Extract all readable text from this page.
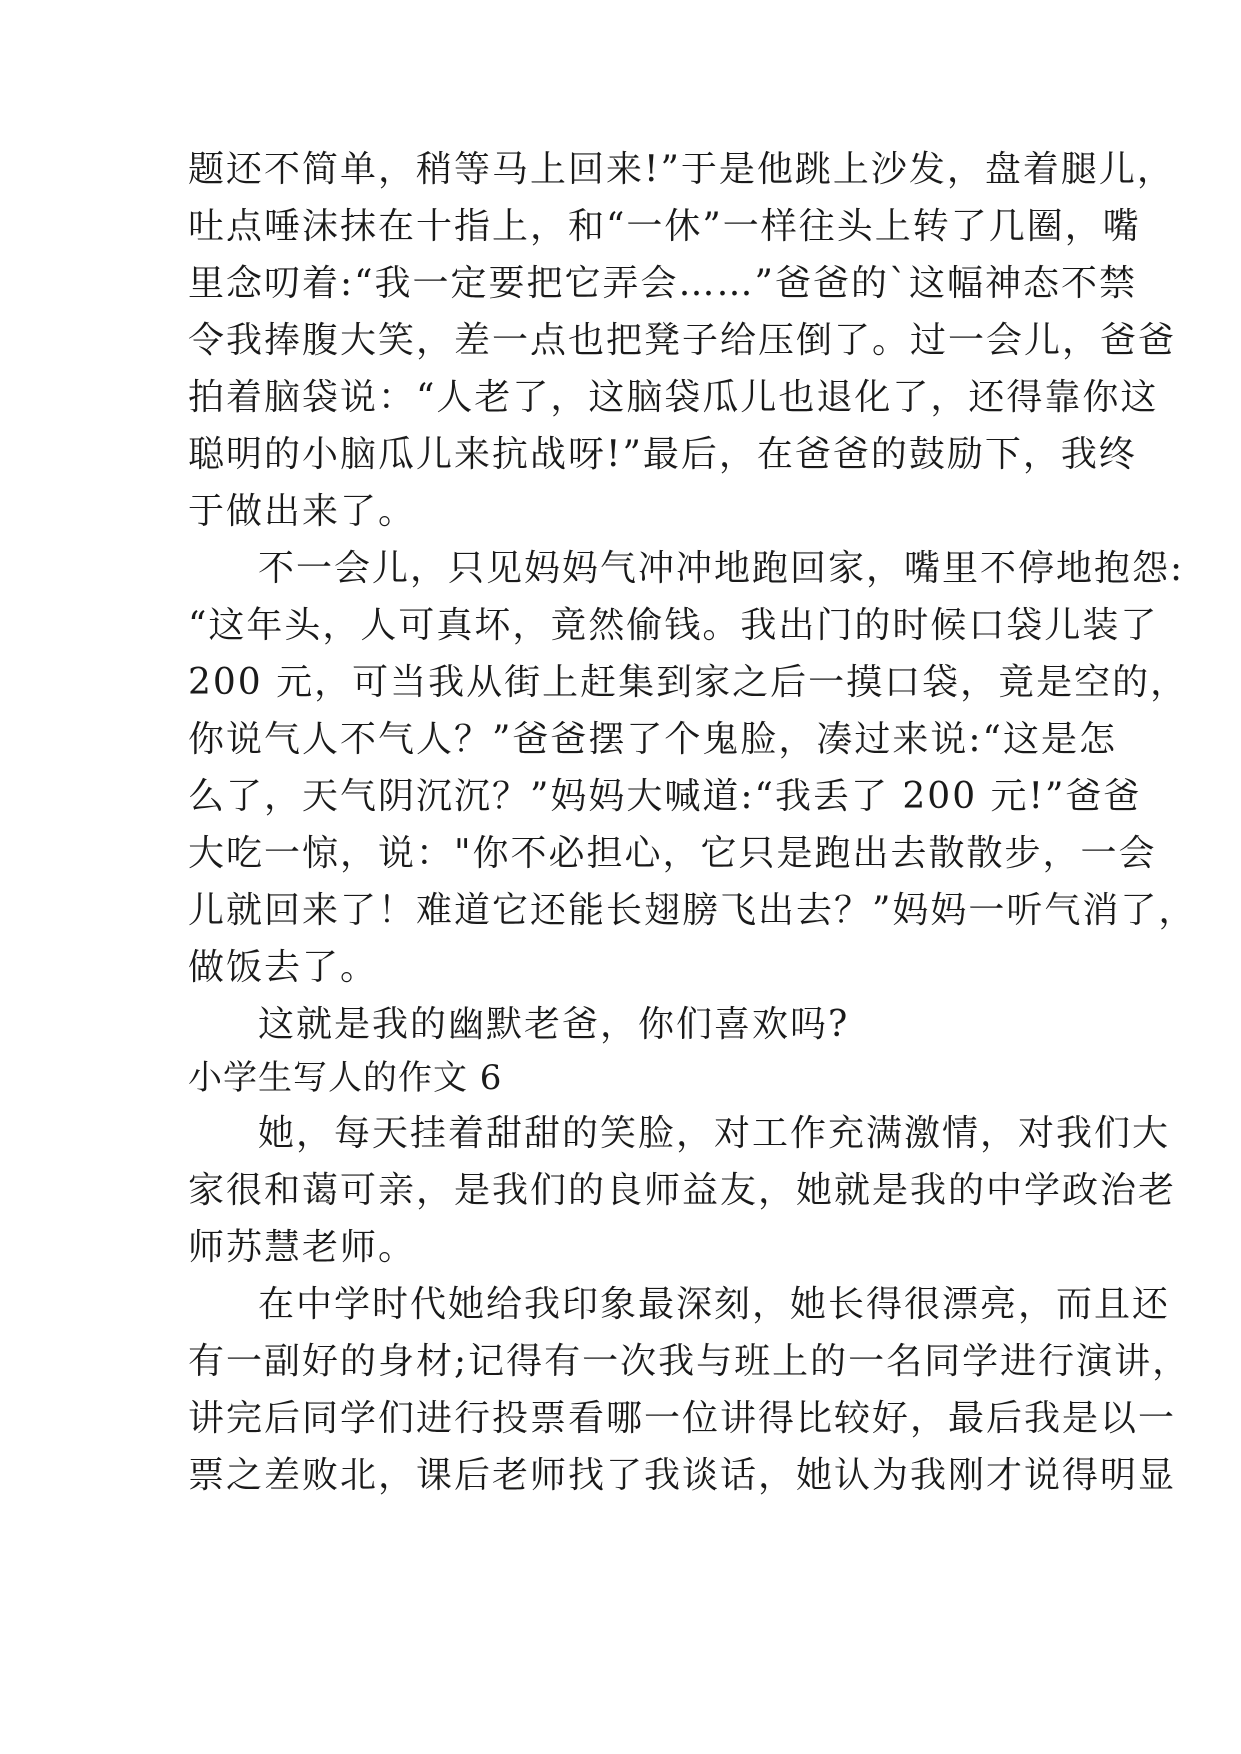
题还不简单，稍等马上回来!”于是他跳上沙发，盘着腿儿，

吐点唾沫抹在十指上，和“一休”一样往头上转了几圈，嘴

里念叨着:“我一定要把它弄会……”爸爸的`这幅神态不禁

令我捧腹大笑，差一点也把凳子给压倒了。过一会儿，爸爸

拍着脑袋说：“人老了，这脑袋瓜儿也退化了，还得靠你这

聪明的小脑瓜儿来抗战呀!”最后，在爸爸的鼓励下，我终

于做出来了。

不一会儿，只见妈妈气冲冲地跑回家，嘴里不停地抱怨:

“这年头，人可真坏，竟然偷钱。我出门的时候口袋儿装了

200 元，可当我从街上赶集到家之后一摸口袋，竟是空的，

你说气人不气人？”爸爸摆了个鬼脸，凑过来说:“这是怎

么了，天气阴沉沉？”妈妈大喊道:“我丢了 200 元!”爸爸

大吃一惊，说："你不必担心，它只是跑出去散散步，一会

儿就回来了！难道它还能长翅膀飞出去？”妈妈一听气消了，

做饭去了。

这就是我的幽默老爸，你们喜欢吗?

小学生写人的作文 6

她，每天挂着甜甜的笑脸，对工作充满激情，对我们大

家很和蔼可亲，是我们的良师益友，她就是我的中学政治老

师苏慧老师。

在中学时代她给我印象最深刻，她长得很漂亮，而且还

有一副好的身材;记得有一次我与班上的一名同学进行演讲，

讲完后同学们进行投票看哪一位讲得比较好，最后我是以一

票之差败北，课后老师找了我谈话，她认为我刚才说得明显
